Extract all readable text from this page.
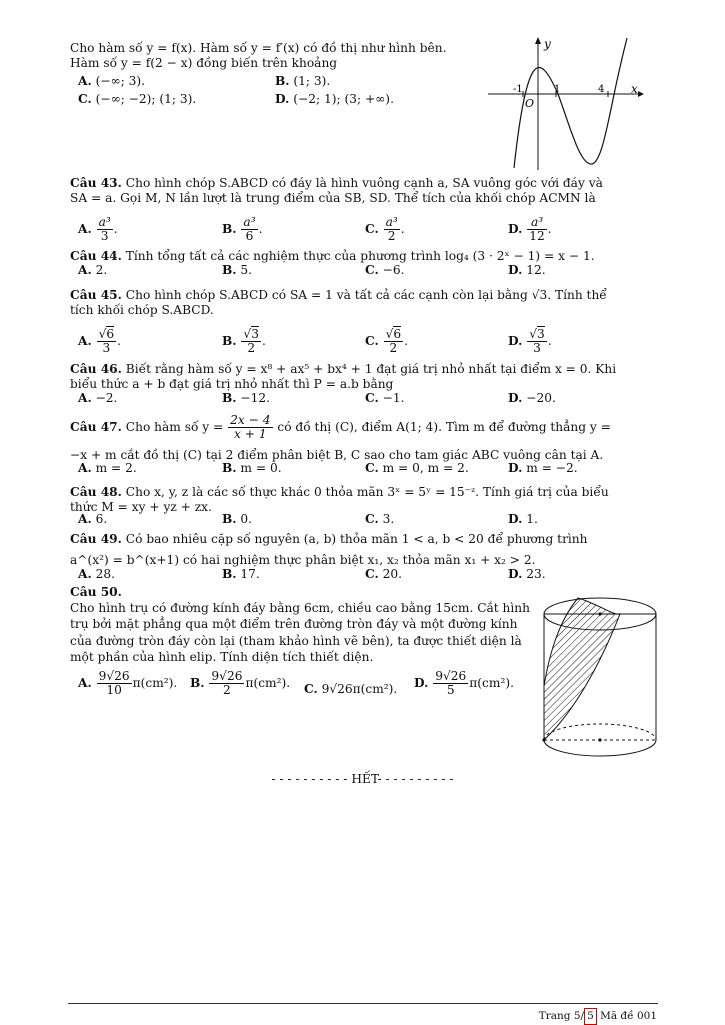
Cho hàm số y = f(x). Hàm số y = f′(x) có đồ thị như hình bên.
Hàm số y = f(2 − x) đồng biến trên khoảng
A. (−∞; 3).	B. (1; 3).
C. (−∞; −2); (1; 3).	D. (−2; 1); (3; +∞).
y
x
O
-1	1	4
Câu 43. Cho hình chóp S.ABCD có đáy là hình vuông cạnh a, SA vuông góc với đáy và
SA = a. Gọi M, N lần lượt là trung điểm của SB, SD. Thể tích của khối chóp ACMN là
A. $\frac{\text{a³}}{3}$ .	B. $\frac{\text{a³}}{6}$ .	C. $\frac{\text{a³}}{2}$ .	D. $\frac{\text{a³}}{12}$ .
Câu 44. Tính tổng tất cả các nghiệm thực của phương trình log₄ (3 · 2ˣ − 1) = x − 1.
A. 2.	B. 5.	C. −6.	D. 12.
Câu 45. Cho hình chóp S.ABCD có SA = 1 và tất cả các cạnh còn lại bằng √3. Tính thể
tích khối chóp S.ABCD.
A. $\frac{√6}{3}$ .	B. $\frac{√3}{2}$ .	C. $\frac{√6}{2}$ .	D. $\frac{√3}{3}$ .
Câu 46. Biết rằng hàm số y = x⁸ + ax⁵ + bx⁴ + 1 đạt giá trị nhỏ nhất tại điểm x = 0. Khi
biểu thức a + b đạt giá trị nhỏ nhất thì P = a.b bằng
A. −2.	B. −12.	C. −1.	D. −20.
Câu 47. Cho hàm số $y = \frac{2x - 4}{x + 1}$ có đồ thị (C), điểm A(1; 4). Tìm m để đường thẳng y =
−x + m cắt đồ thị (C) tại 2 điểm phân biệt B, C sao cho tam giác ABC vuông cân tại A.
A. m = 2.	B. m = 0.	C. m = 0, m = 2.	D. m = −2.
Câu 48. Cho x, y, z là các số thực khác 0 thỏa mãn 3ˣ = 5ʸ = 15⁻ᶻ. Tính giá trị của biểu
thức M = xy + yz + zx.
A. 6.	B. 0.	C. 3.	D. 1.
Câu 49. Có bao nhiêu cặp số nguyên (a, b) thỏa mãn 1 < a, b < 20 để phương trình
a^(x²) = b^(x+1) có hai nghiệm thực phân biệt x₁, x₂ thỏa mãn x₁ + x₂ > 2.
A. 28.	B. 17.	C. 20.	D. 23.
Câu 50.
Cho hình trụ có đường kính đáy bằng 6cm, chiều cao bằng 15cm. Cắt hình
trụ bởi mặt phẳng qua một điểm trên đường tròn đáy và một đường kính
của đường tròn đáy còn lại (tham khảo hình vẽ bên), ta được thiết diện là
một phần của hình elip. Tính diện tích thiết diện.
A. $\frac{9√26}{10} \pi(cm^2)$. B. $\frac{9√26}{2} \pi(cm^2)$. C. 9√26π(cm²). D. $\frac{9√26}{5} \pi(cm^2)$.
- - - - - - - - - - HẾT- - - - - - - - - -
Trang 5/ 5 Mã đề 001
